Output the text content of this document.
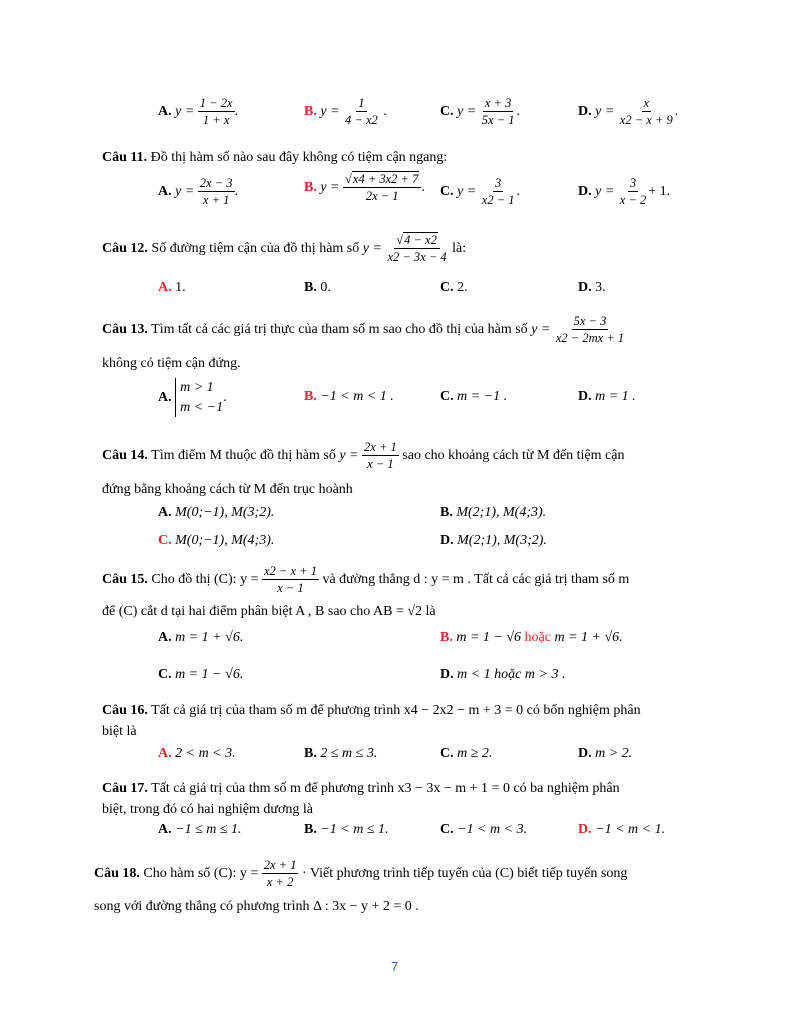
A. $y = \frac{1 - 2x}{1 + x}$ .	B. $y = \frac{1}{4 - x2}$ .	C. $y = \frac{x + 3}{5x - 1}$ .	D. $y = \frac{x}{x2 - x + 9}$ .
Câu 11. Đồ thị hàm số nào sau đây không có tiệm cận ngang:
A. $y = \frac{2x - 3}{x + 1}$ .	B. $y = \frac{√x4 + 3x2 + 7}{2x - 1}$ . C. $y = \frac{3}{x2 - 1}$ .	D. $y = \frac{3}{x - 2} + 1$.
Câu 12. Số đường tiệm cận của đồ thị hàm số $y = \frac{√4 - x2}{x2 - 3x - 4}$ là:
A. 1.	B. 0.	C. 2.	D. 3.
Câu 13. Tìm tất cả các giá trị thực của tham số m sao cho đồ thị của hàm số $y = \frac{5x - 3}{x2 - 2mx + 1}$
không có tiệm cận đứng.
A.
m > 1
m < −1
.	B. −1 < m < 1 .	C. m = −1 .	D. m = 1 .
Câu 14. Tìm điểm M thuộc đồ thị hàm số $y = \frac{2x + 1}{x - 1}$ sao cho khoảng cách từ M đến tiệm cận
đứng bằng khoảng cách từ M đến trục hoành
A. M(0;−1), M(3;2).	B. M(2;1), M(4;3).
C. M(0;−1), M(4;3).	D. M(2;1), M(3;2).
Câu 15. Cho đồ thị (C): $y = \frac{x2 - x + 1}{x - 1}$ và đường thẳng d : y = m . Tất cả các giá trị tham số m
để (C) cắt d tại hai điểm phân biệt A , B sao cho AB = √2 là
A. m = 1 + √6.	B. m = 1 − √6 hoặc m = 1 + √6.
C. m = 1 − √6.	D. m < 1 hoặc m > 3 .
Câu 16. Tất cả giá trị của tham số m để phương trình x4 − 2x2 − m + 3 = 0 có bốn nghiệm phân
biệt là
A. 2 < m < 3.	B. 2 ≤ m ≤ 3.	C. m ≥ 2.	D. m > 2.
Câu 17. Tất cả giá trị của thm số m để phương trình x3 − 3x − m + 1 = 0 có ba nghiệm phân
biệt, trong đó có hai nghiệm dương là
A. −1 ≤ m ≤ 1.	B. −1 < m ≤ 1.	C. −1 < m < 3.	D. −1 < m < 1.
Câu 18. Cho hàm số (C): $y = \frac{2x + 1}{x + 2}$ · Viết phương trình tiếp tuyến của (C) biết tiếp tuyến song
song với đường thẳng có phương trình Δ : 3x − y + 2 = 0 .
7
